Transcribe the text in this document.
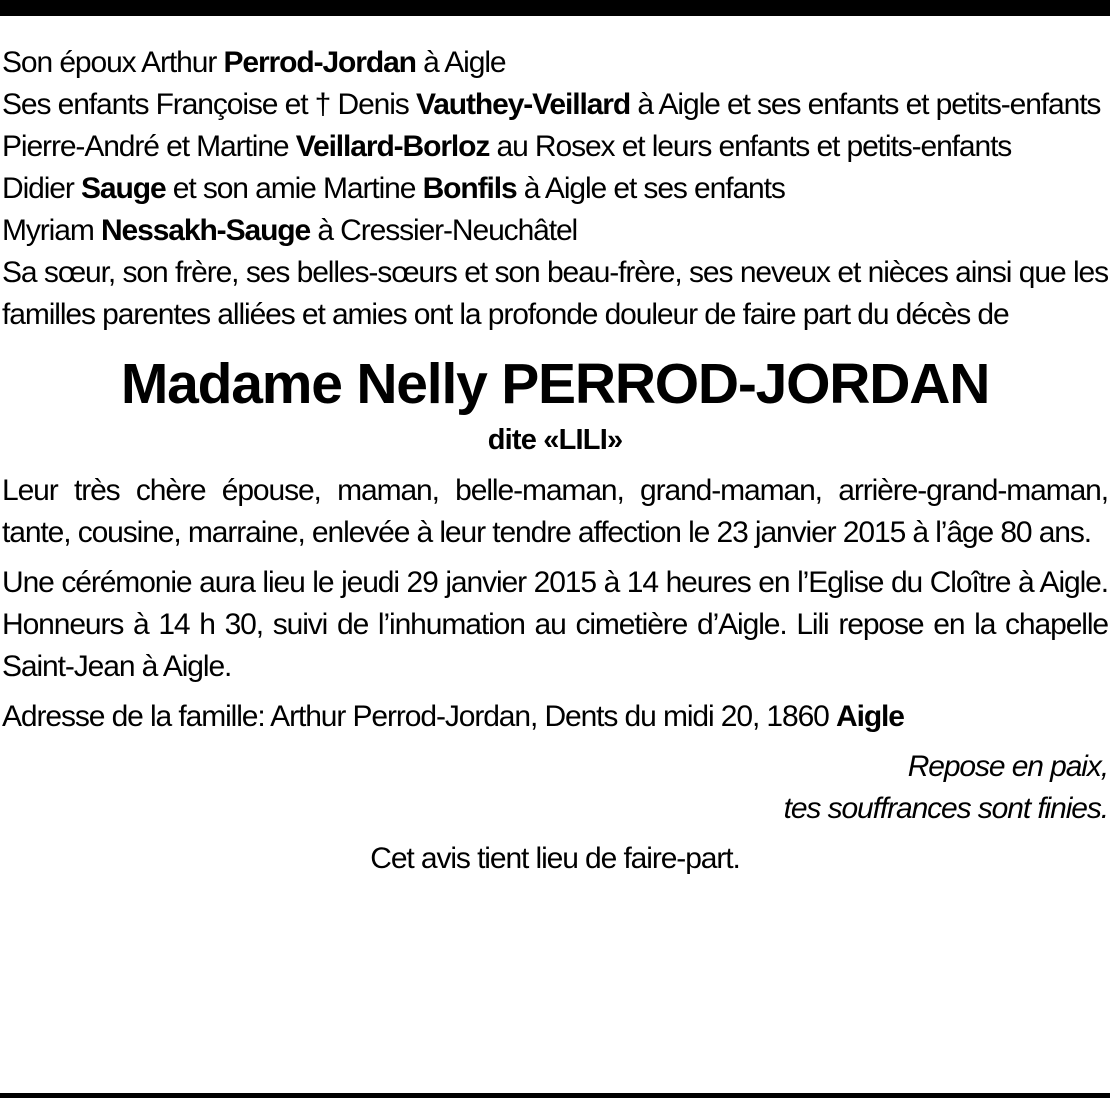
Son époux Arthur Perrod-Jordan à Aigle
Ses enfants Françoise et † Denis Vauthey-Veillard à Aigle et ses enfants et petits-enfants
Pierre-André et Martine Veillard-Borloz au Rosex et leurs enfants et petits-enfants
Didier Sauge et son amie Martine Bonfils à Aigle et ses enfants
Myriam Nessakh-Sauge à Cressier-Neuchâtel
Sa sœur, son frère, ses belles-sœurs et son beau-frère, ses neveux et nièces ainsi que les familles parentes alliées et amies ont la profonde douleur de faire part du décès de
Madame Nelly PERROD-JORDAN
dite «LILI»
Leur très chère épouse, maman, belle-maman, grand-maman, arrière-grand-maman, tante, cousine, marraine, enlevée à leur tendre affection le 23 janvier 2015 à l’âge 80 ans.
Une cérémonie aura lieu le jeudi 29 janvier 2015 à 14 heures en l’Eglise du Cloître à Aigle. Honneurs à 14 h 30, suivi de l’inhumation au cimetière d’Aigle. Lili repose en la chapelle Saint-Jean à Aigle.
Adresse de la famille: Arthur Perrod-Jordan, Dents du midi 20, 1860 Aigle
Repose en paix,
tes souffrances sont finies.
Cet avis tient lieu de faire-part.
